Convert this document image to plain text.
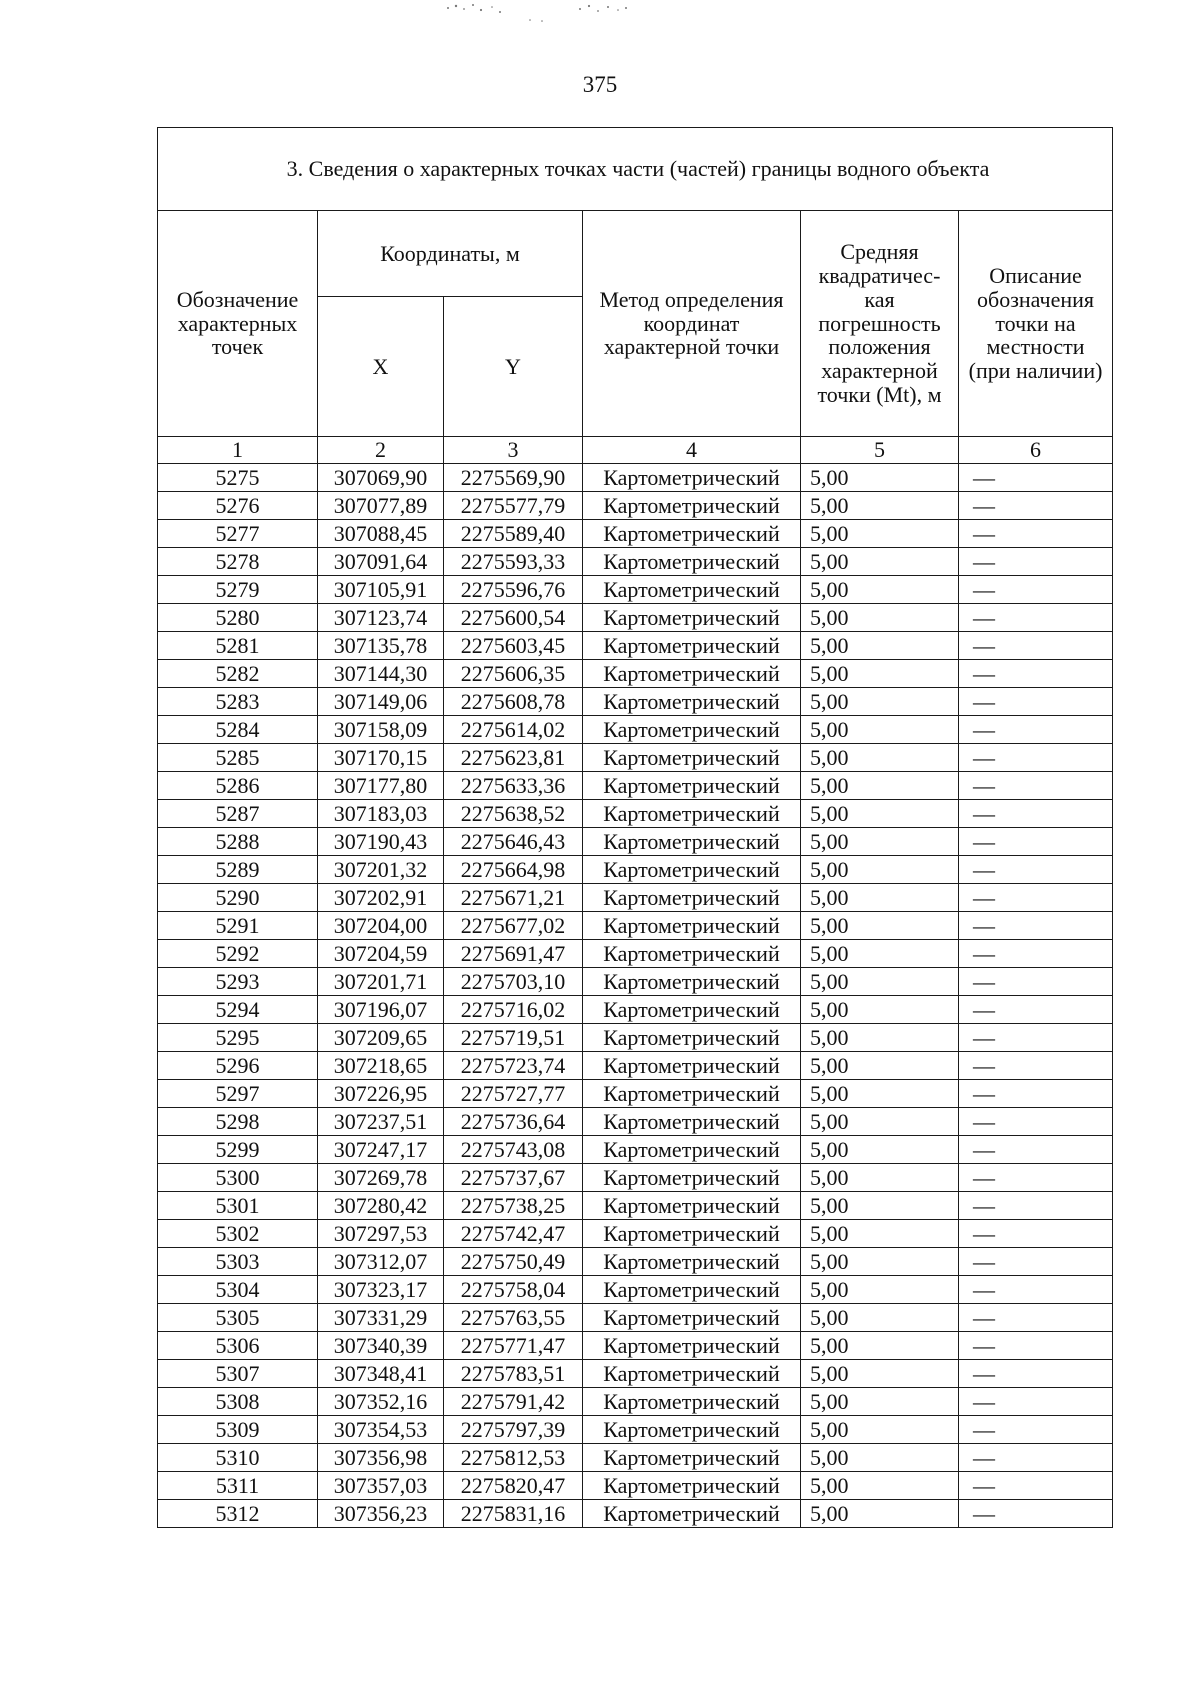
375
3. Сведения о характерных точках части (частей) границы водного объекта					
Обозначение характерных точек	Координаты, м		Метод определения координат характерной точки	Средняя квадратичес-кая погрешность положения характерной точки (Mt), м	Описание обозначения точки на местности (при наличии)
	X	Y			
1	2	3	4	5	6
5275	307069,90	2275569,90	Картометрический	5,00	—
5276	307077,89	2275577,79	Картометрический	5,00	—
5277	307088,45	2275589,40	Картометрический	5,00	—
5278	307091,64	2275593,33	Картометрический	5,00	—
5279	307105,91	2275596,76	Картометрический	5,00	—
5280	307123,74	2275600,54	Картометрический	5,00	—
5281	307135,78	2275603,45	Картометрический	5,00	—
5282	307144,30	2275606,35	Картометрический	5,00	—
5283	307149,06	2275608,78	Картометрический	5,00	—
5284	307158,09	2275614,02	Картометрический	5,00	—
5285	307170,15	2275623,81	Картометрический	5,00	—
5286	307177,80	2275633,36	Картометрический	5,00	—
5287	307183,03	2275638,52	Картометрический	5,00	—
5288	307190,43	2275646,43	Картометрический	5,00	—
5289	307201,32	2275664,98	Картометрический	5,00	—
5290	307202,91	2275671,21	Картометрический	5,00	—
5291	307204,00	2275677,02	Картометрический	5,00	—
5292	307204,59	2275691,47	Картометрический	5,00	—
5293	307201,71	2275703,10	Картометрический	5,00	—
5294	307196,07	2275716,02	Картометрический	5,00	—
5295	307209,65	2275719,51	Картометрический	5,00	—
5296	307218,65	2275723,74	Картометрический	5,00	—
5297	307226,95	2275727,77	Картометрический	5,00	—
5298	307237,51	2275736,64	Картометрический	5,00	—
5299	307247,17	2275743,08	Картометрический	5,00	—
5300	307269,78	2275737,67	Картометрический	5,00	—
5301	307280,42	2275738,25	Картометрический	5,00	—
5302	307297,53	2275742,47	Картометрический	5,00	—
5303	307312,07	2275750,49	Картометрический	5,00	—
5304	307323,17	2275758,04	Картометрический	5,00	—
5305	307331,29	2275763,55	Картометрический	5,00	—
5306	307340,39	2275771,47	Картометрический	5,00	—
5307	307348,41	2275783,51	Картометрический	5,00	—
5308	307352,16	2275791,42	Картометрический	5,00	—
5309	307354,53	2275797,39	Картометрический	5,00	—
5310	307356,98	2275812,53	Картометрический	5,00	—
5311	307357,03	2275820,47	Картометрический	5,00	—
5312	307356,23	2275831,16	Картометрический	5,00	—
